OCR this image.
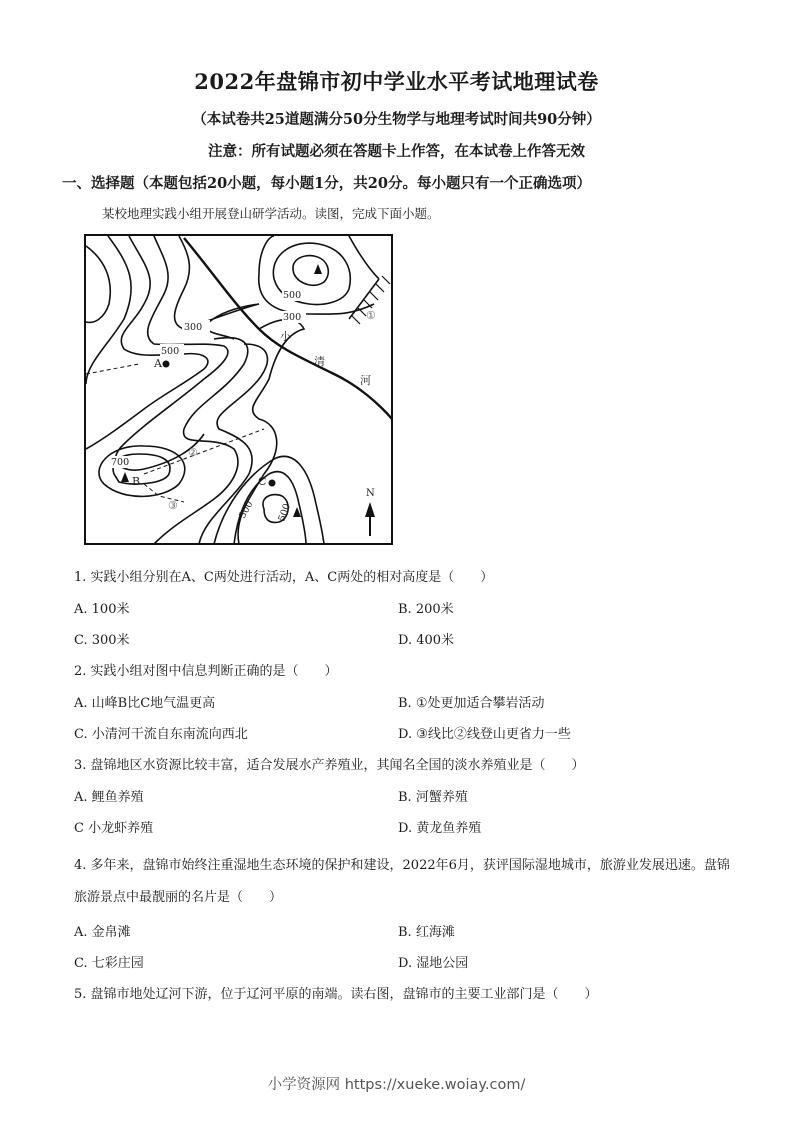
2022年盘锦市初中学业水平考试地理试卷
（本试卷共25道题满分50分生物学与地理考试时间共90分钟）
注意：所有试题必须在答题卡上作答，在本试卷上作答无效
一、选择题（本题包括20小题，每小题1分，共20分。每小题只有一个正确选项）
某校地理实践小组开展登山研学活动。读图，完成下面小题。
300
500
500
300
700
300 500
A
B	C
①
②
③
小
清
河
N
1. 实践小组分别在A、C两处进行活动，A、C两处的相对高度是（　　）
A. 100米	B. 200米
C. 300米	D. 400米
2. 实践小组对图中信息判断正确的是（　　）
A. 山峰B比C地气温更高	B. ①处更加适合攀岩活动
C. 小清河干流自东南流向西北	D. ③线比②线登山更省力一些
3. 盘锦地区水资源比较丰富，适合发展水产养殖业，其闻名全国的淡水养殖业是（　　）
A. 鲤鱼养殖	B. 河蟹养殖
C 小龙虾养殖	D. 黄龙鱼养殖
4. 多年来，盘锦市始终注重湿地生态环境的保护和建设，2022年6月，获评国际湿地城市，旅游业发展迅速。盘锦旅游景点中最靓丽的名片是（　　）
A. 金帛滩	B. 红海滩
C. 七彩庄园	D. 湿地公园
5. 盘锦市地处辽河下游，位于辽河平原的南端。读右图，盘锦市的主要工业部门是（　　）
小学资源网 https://xueke.woiay.com/
